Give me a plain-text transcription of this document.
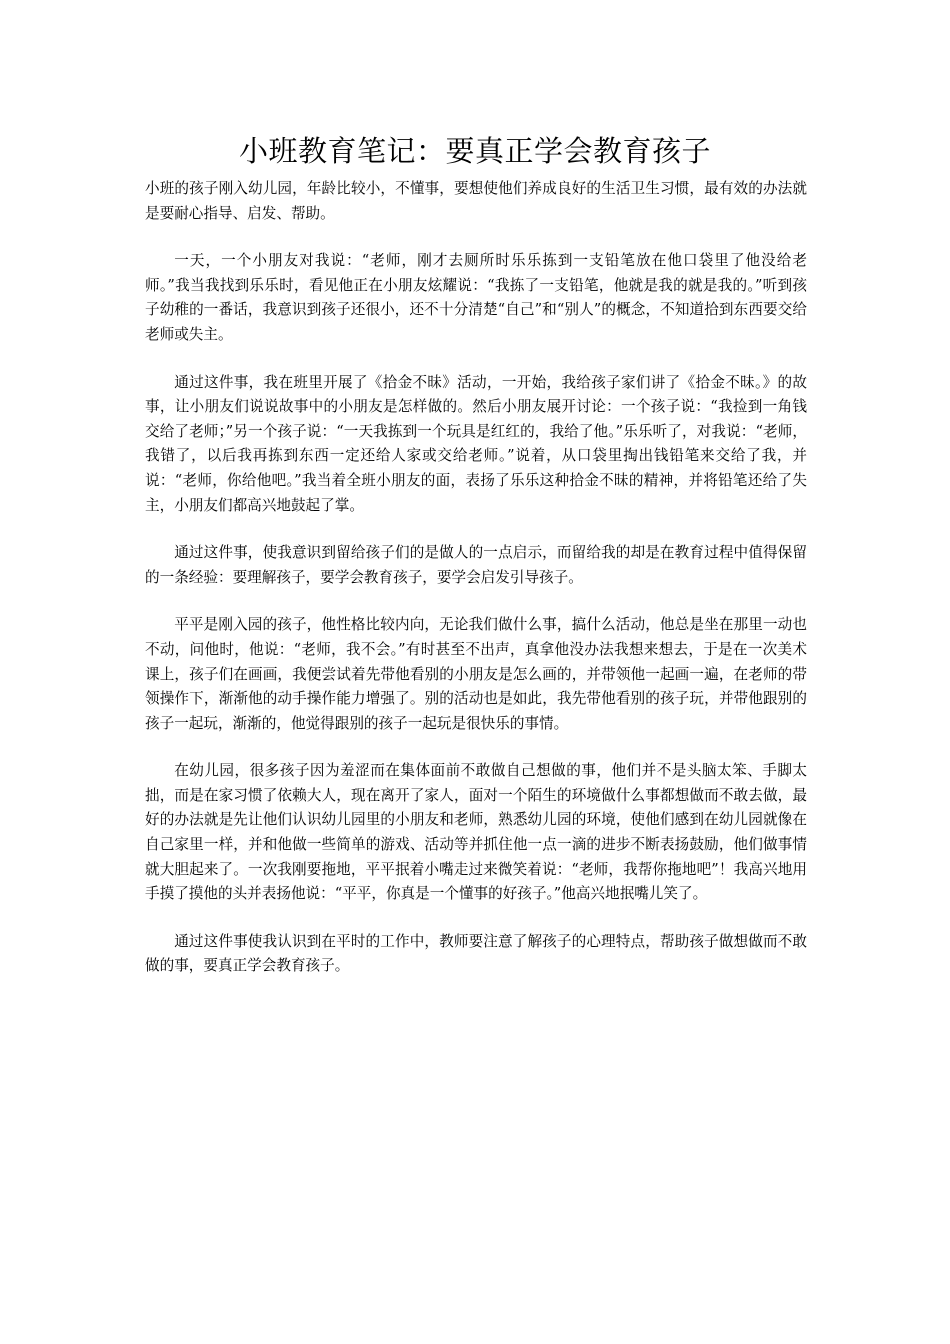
小班教育笔记：要真正学会教育孩子

小班的孩子刚入幼儿园，年龄比较小，不懂事，要想使他们养成良好的生活卫生习惯，最有效的办法就是要耐心指导、启发、帮助。

一天，一个小朋友对我说：“老师，刚才去厕所时乐乐拣到一支铅笔放在他口袋里了他没给老师。”我当我找到乐乐时，看见他正在小朋友炫耀说：“我拣了一支铅笔，他就是我的就是我的。”听到孩子幼稚的一番话，我意识到孩子还很小，还不十分清楚“自己”和“别人”的概念，不知道拾到东西要交给老师或失主。

通过这件事，我在班里开展了《拾金不昧》活动，一开始，我给孩子家们讲了《拾金不昧。》的故事，让小朋友们说说故事中的小朋友是怎样做的。然后小朋友展开讨论：一个孩子说：“我捡到一角钱交给了老师；”另一个孩子说：“一天我拣到一个玩具是红红的，我给了他。”乐乐听了，对我说：“老师，我错了，以后我再拣到东西一定还给人家或交给老师。”说着，从口袋里掏出钱铅笔来交给了我，并说：“老师，你给他吧。”我当着全班小朋友的面，表扬了乐乐这种拾金不昧的精神，并将铅笔还给了失主，小朋友们都高兴地鼓起了掌。

通过这件事，使我意识到留给孩子们的是做人的一点启示，而留给我的却是在教育过程中值得保留的一条经验：要理解孩子，要学会教育孩子，要学会启发引导孩子。

平平是刚入园的孩子，他性格比较内向，无论我们做什么事，搞什么活动，他总是坐在那里一动也不动，问他时，他说：“老师，我不会。”有时甚至不出声，真拿他没办法我想来想去，于是在一次美术课上，孩子们在画画，我便尝试着先带他看别的小朋友是怎么画的，并带领他一起画一遍，在老师的带领操作下，渐渐他的动手操作能力增强了。别的活动也是如此，我先带他看别的孩子玩，并带他跟别的孩子一起玩，渐渐的，他觉得跟别的孩子一起玩是很快乐的事情。

在幼儿园，很多孩子因为羞涩而在集体面前不敢做自己想做的事，他们并不是头脑太笨、手脚太拙，而是在家习惯了依赖大人，现在离开了家人，面对一个陌生的环境做什么事都想做而不敢去做，最好的办法就是先让他们认识幼儿园里的小朋友和老师，熟悉幼儿园的环境，使他们感到在幼儿园就像在自己家里一样，并和他做一些简单的游戏、活动等并抓住他一点一滴的进步不断表扬鼓励，他们做事情就大胆起来了。一次我刚要拖地，平平抿着小嘴走过来微笑着说：“老师，我帮你拖地吧”！我高兴地用手摸了摸他的头并表扬他说：“平平，你真是一个懂事的好孩子。”他高兴地抿嘴儿笑了。

通过这件事使我认识到在平时的工作中，教师要注意了解孩子的心理特点，帮助孩子做想做而不敢做的事，要真正学会教育孩子。
